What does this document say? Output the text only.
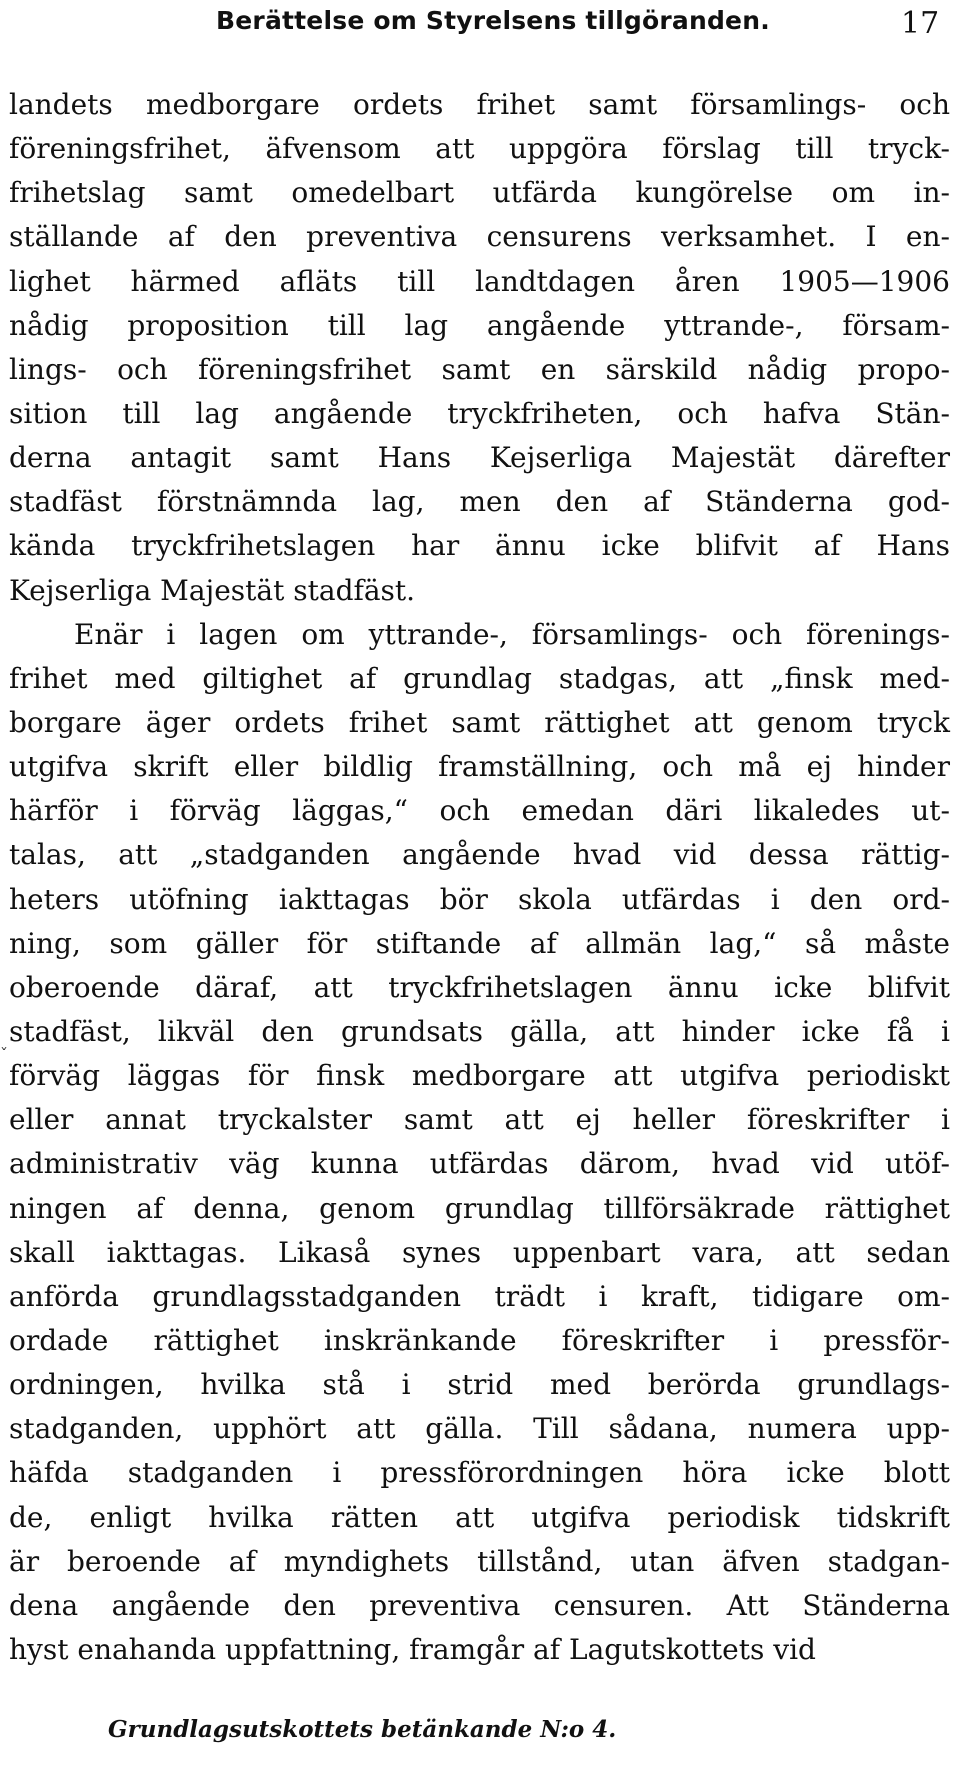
Berättelse om Styrelsens tillgöranden.	17
landets medborgare ordets frihet samt församlings- och
föreningsfrihet, äfvensom att uppgöra förslag till tryck-
frihetslag samt omedelbart utfärda kungörelse om in-
ställande af den preventiva censurens verksamhet. I en-
lighet härmed afläts till landtdagen åren 1905—1906
nådig proposition till lag angående yttrande-, försam-
lings- och föreningsfrihet samt en särskild nådig propo-
sition till lag angående tryckfriheten, och hafva Stän-
derna antagit samt Hans Kejserliga Majestät därefter
stadfäst förstnämnda lag, men den af Ständerna god-
kända tryckfrihetslagen har ännu icke blifvit af Hans
Kejserliga Majestät stadfäst.
Enär i lagen om yttrande-, församlings- och förenings-
frihet med giltighet af grundlag stadgas, att „finsk med-
borgare äger ordets frihet samt rättighet att genom tryck
utgifva skrift eller bildlig framställning, och må ej hinder
härför i förväg läggas,“ och emedan däri likaledes ut-
talas, att „stadganden angående hvad vid dessa rättig-
heters utöfning iakttagas bör skola utfärdas i den ord-
ning, som gäller för stiftande af allmän lag,“ så måste
oberoende däraf, att tryckfrihetslagen ännu icke blifvit
stadfäst, likväl den grundsats gälla, att hinder icke få i
förväg läggas för finsk medborgare att utgifva periodiskt
eller annat tryckalster samt att ej heller föreskrifter i
administrativ väg kunna utfärdas därom, hvad vid utöf-
ningen af denna, genom grundlag tillförsäkrade rättighet
skall iakttagas. Likaså synes uppenbart vara, att sedan
anförda grundlagsstadganden trädt i kraft, tidigare om-
ordade rättighet inskränkande föreskrifter i pressför-
ordningen, hvilka stå i strid med berörda grundlags-
stadganden, upphört att gälla. Till sådana, numera upp-
häfda stadganden i pressförordningen höra icke blott
de, enligt hvilka rätten att utgifva periodisk tidskrift
är beroende af myndighets tillstånd, utan äfven stadgan-
dena angående den preventiva censuren. Att Ständerna
hyst enahanda uppfattning, framgår af Lagutskottets vid
ˇ
Grundlagsutskottets betänkande N:o 4.
